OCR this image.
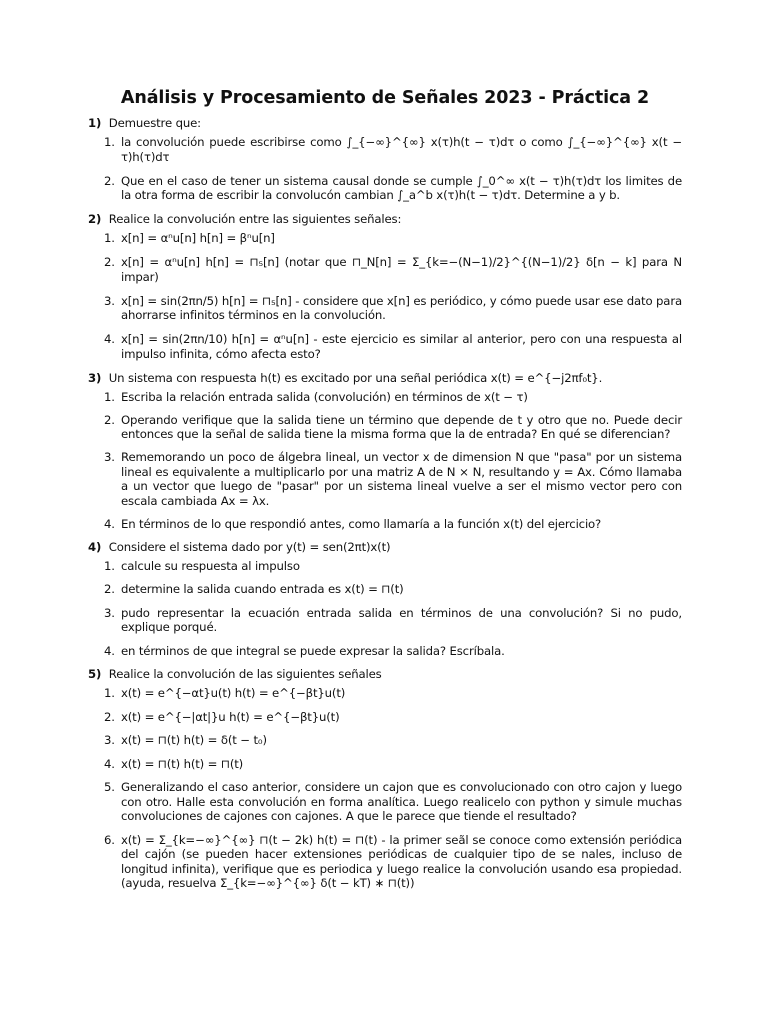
Análisis y Procesamiento de Señales 2023 - Práctica 2
1) Demuestre que:
1. la convolución puede escribirse como ∫_{−∞}^{∞} x(τ)h(t − τ)dτ o como ∫_{−∞}^{∞} x(t − τ)h(τ)dτ
2. Que en el caso de tener un sistema causal donde se cumple ∫_0^∞ x(t − τ)h(τ)dτ los limites de la otra forma de escribir la convolucón cambian ∫_a^b x(τ)h(t − τ)dτ. Determine a y b.
2) Realice la convolución entre las siguientes señales:
1. x[n] = αⁿu[n] h[n] = βⁿu[n]
2. x[n] = αⁿu[n] h[n] = ⊓₅[n] (notar que ⊓_N[n] = Σ_{k=−(N−1)/2}^{(N−1)/2} δ[n − k] para N impar)
3. x[n] = sin(2πn/5) h[n] = ⊓₅[n] - considere que x[n] es periódico, y cómo puede usar ese dato para ahorrarse infinitos términos en la convolución.
4. x[n] = sin(2πn/10) h[n] = αⁿu[n] - este ejercicio es similar al anterior, pero con una respuesta al impulso infinita, cómo afecta esto?
3) Un sistema con respuesta h(t) es excitado por una señal periódica x(t) = e^{−j2πf₀t}.
1. Escriba la relación entrada salida (convolución) en términos de x(t − τ)
2. Operando verifique que la salida tiene un término que depende de t y otro que no. Puede decir entonces que la señal de salida tiene la misma forma que la de entrada? En qué se diferencian?
3. Rememorando un poco de álgebra lineal, un vector x de dimension N que "pasa" por un sistema lineal es equivalente a multiplicarlo por una matriz A de N × N, resultando y = Ax. Cómo llamaba a un vector que luego de "pasar" por un sistema lineal vuelve a ser el mismo vector pero con escala cambiada Ax = λx.
4. En términos de lo que respondió antes, como llamaría a la función x(t) del ejercicio?
4) Considere el sistema dado por y(t) = sen(2πt)x(t)
1. calcule su respuesta al impulso
2. determine la salida cuando entrada es x(t) = ⊓(t)
3. pudo representar la ecuación entrada salida en términos de una convolución? Si no pudo, explique porqué.
4. en términos de que integral se puede expresar la salida? Escríbala.
5) Realice la convolución de las siguientes señales
1. x(t) = e^{−αt}u(t) h(t) = e^{−βt}u(t)
2. x(t) = e^{−|αt|}u h(t) = e^{−βt}u(t)
3. x(t) = ⊓(t) h(t) = δ(t − t₀)
4. x(t) = ⊓(t) h(t) = ⊓(t)
5. Generalizando el caso anterior, considere un cajon que es convolucionado con otro cajon y luego con otro. Halle esta convolución en forma analítica. Luego realicelo con python y simule muchas convoluciones de cajones con cajones. A que le parece que tiende el resultado?
6. x(t) = Σ_{k=−∞}^{∞} ⊓(t − 2k) h(t) = ⊓(t) - la primer seãl se conoce como extensión periódica del cajón (se pueden hacer extensiones periódicas de cualquier tipo de se nales, incluso de longitud infinita), verifique que es periodica y luego realice la convolución usando esa propiedad. (ayuda, resuelva Σ_{k=−∞}^{∞} δ(t − kT) ∗ ⊓(t))
